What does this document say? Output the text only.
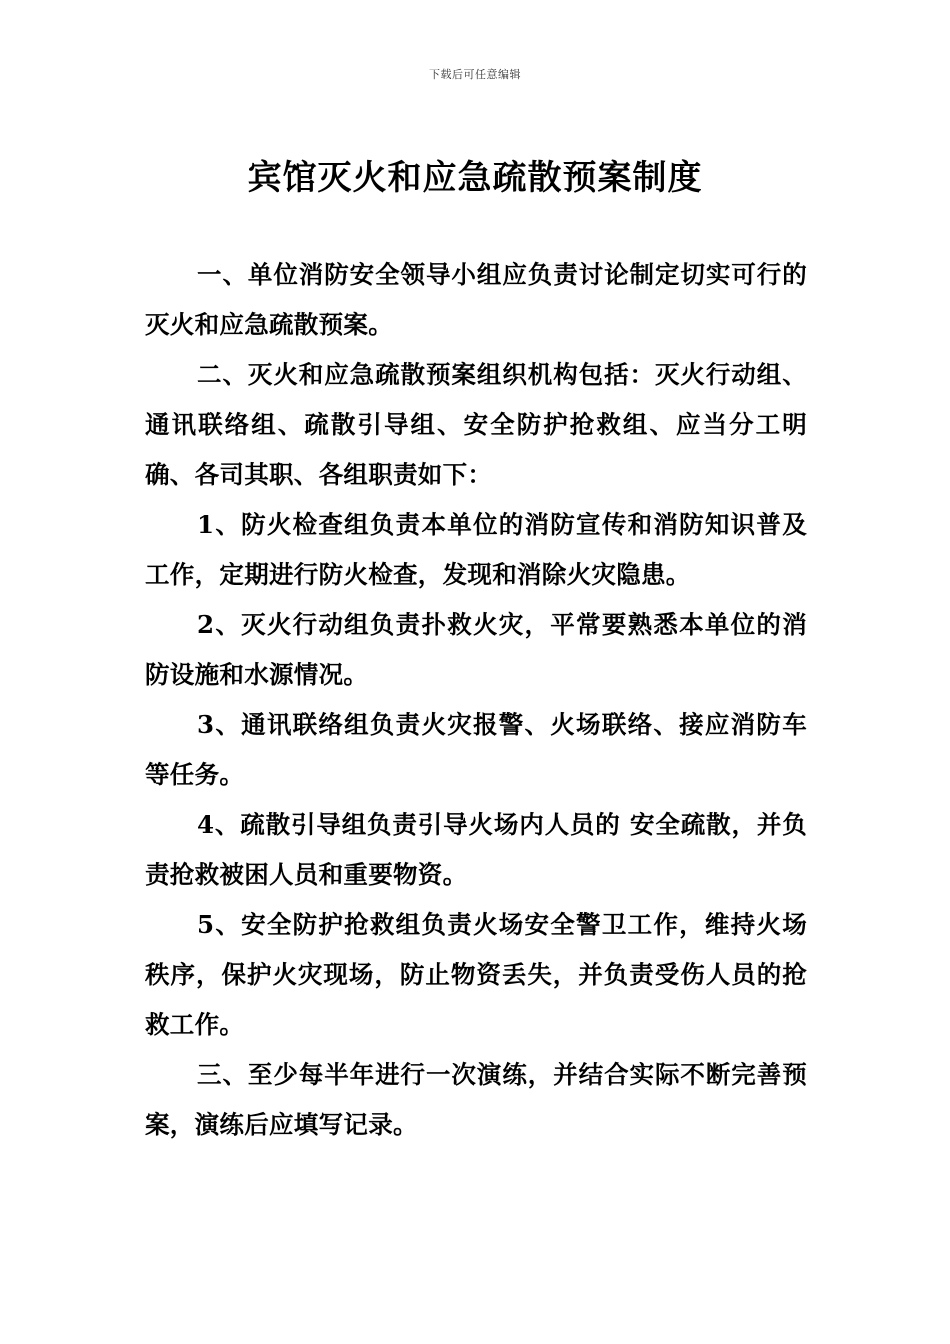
下载后可任意编辑
宾馆灭火和应急疏散预案制度

一、单位消防安全领导小组应负责讨论制定切实可行的灭火和应急疏散预案。

二、灭火和应急疏散预案组织机构包括：灭火行动组、通讯联络组、疏散引导组、安全防护抢救组、应当分工明确、各司其职、各组职责如下：

1、防火检查组负责本单位的消防宣传和消防知识普及工作，定期进行防火检查，发现和消除火灾隐患。

2、灭火行动组负责扑救火灾，平常要熟悉本单位的消防设施和水源情况。

3、通讯联络组负责火灾报警、火场联络、接应消防车等任务。

4、疏散引导组负责引导火场内人员的 安全疏散，并负责抢救被困人员和重要物资。

5、安全防护抢救组负责火场安全警卫工作，维持火场秩序，保护火灾现场，防止物资丢失，并负责受伤人员的抢救工作。

三、至少每半年进行一次演练，并结合实际不断完善预案，演练后应填写记录。
